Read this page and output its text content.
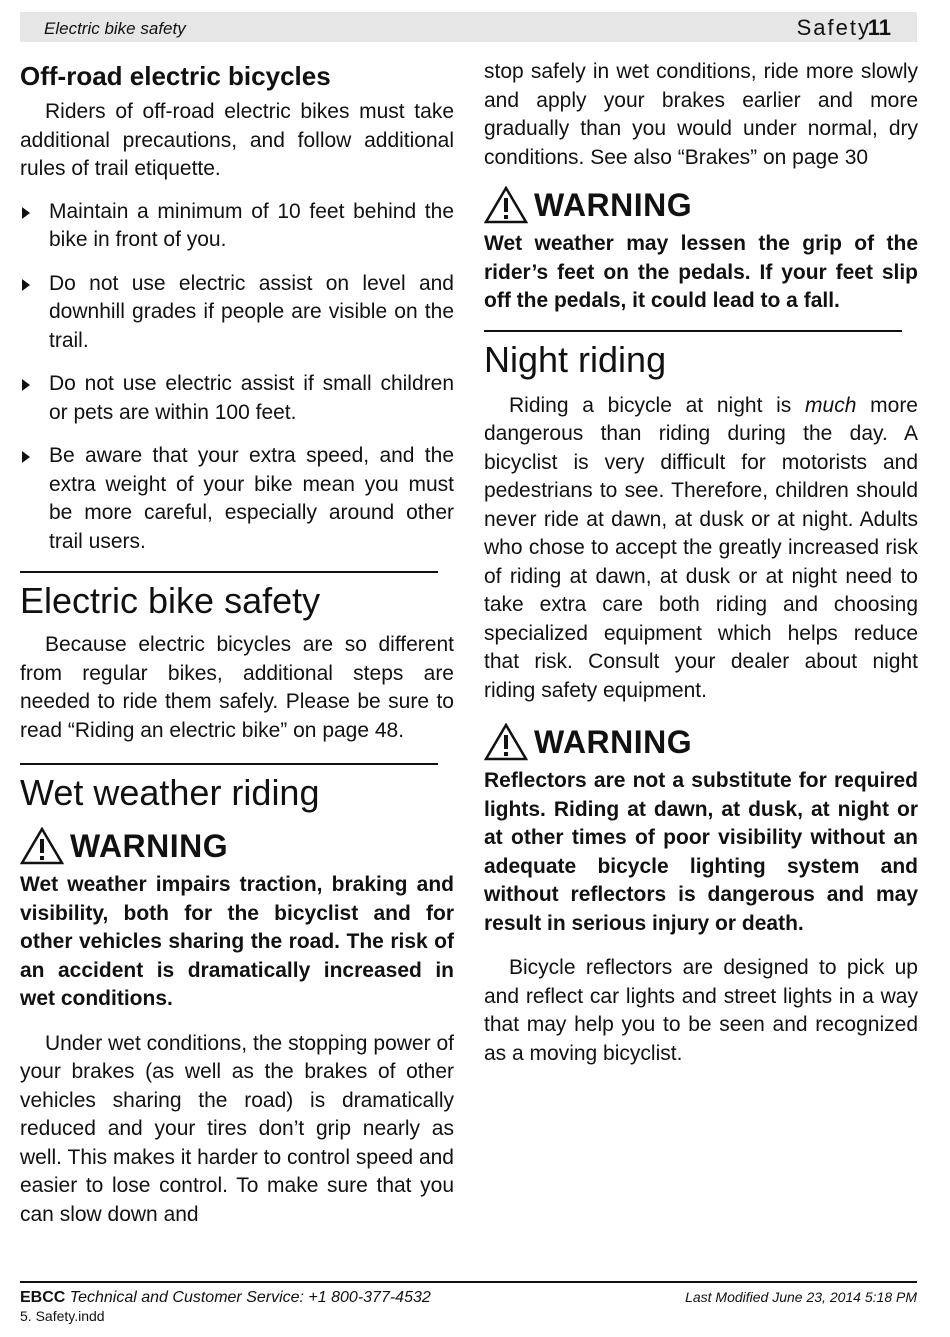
Electric bike safety	Safety
11
Off-road electric bicycles

Riders of off-road electric bikes must take additional precautions, and follow additional rules of trail etiquette.

Maintain a minimum of 10 feet behind the bike in front of you.
Do not use electric assist on level and downhill grades if people are visible on the trail.
Do not use electric assist if small children or pets are within 100 feet.
Be aware that your extra speed, and the extra weight of your bike mean you must be more careful, especially around other trail users.
Electric bike safety

Because electric bicycles are so different from regular bikes, additional steps are needed to ride them safely. Please be sure to read “Riding an electric bike” on page 48.

Wet weather riding
WARNING

Wet weather impairs traction, braking and visibility, both for the bicyclist and for other vehicles sharing the road. The risk of an accident is dramatically increased in wet conditions.

Under wet conditions, the stopping power of your brakes (as well as the brakes of other vehicles sharing the road) is dramatically reduced and your tires don’t grip nearly as well. This makes it harder to control speed and easier to lose control. To make sure that you can slow down and

stop safely in wet conditions, ride more slowly and apply your brakes earlier and more gradually than you would under normal, dry conditions. See also “Brakes” on page 30

WARNING

Wet weather may lessen the grip of the rider’s feet on the pedals. If your feet slip off the pedals, it could lead to a fall.

Night riding

Riding a bicycle at night is much more dangerous than riding during the day. A bicyclist is very difficult for motorists and pedestrians to see. Therefore, children should never ride at dawn, at dusk or at night. Adults who chose to accept the greatly increased risk of riding at dawn, at dusk or at night need to take extra care both riding and choosing specialized equipment which helps reduce that risk. Consult your dealer about night riding safety equipment.

WARNING

Reflectors are not a substitute for required lights. Riding at dawn, at dusk, at night or at other times of poor visibility without an adequate bicycle lighting system and without reflectors is dangerous and may result in serious injury or death.

Bicycle reflectors are designed to pick up and reflect car lights and street lights in a way that may help you to be seen and recognized as a moving bicyclist.

EBCC Technical and Customer Service: +1 800-377-4532
5. Safety.indd
Last Modified June 23, 2014 5:18 PM
